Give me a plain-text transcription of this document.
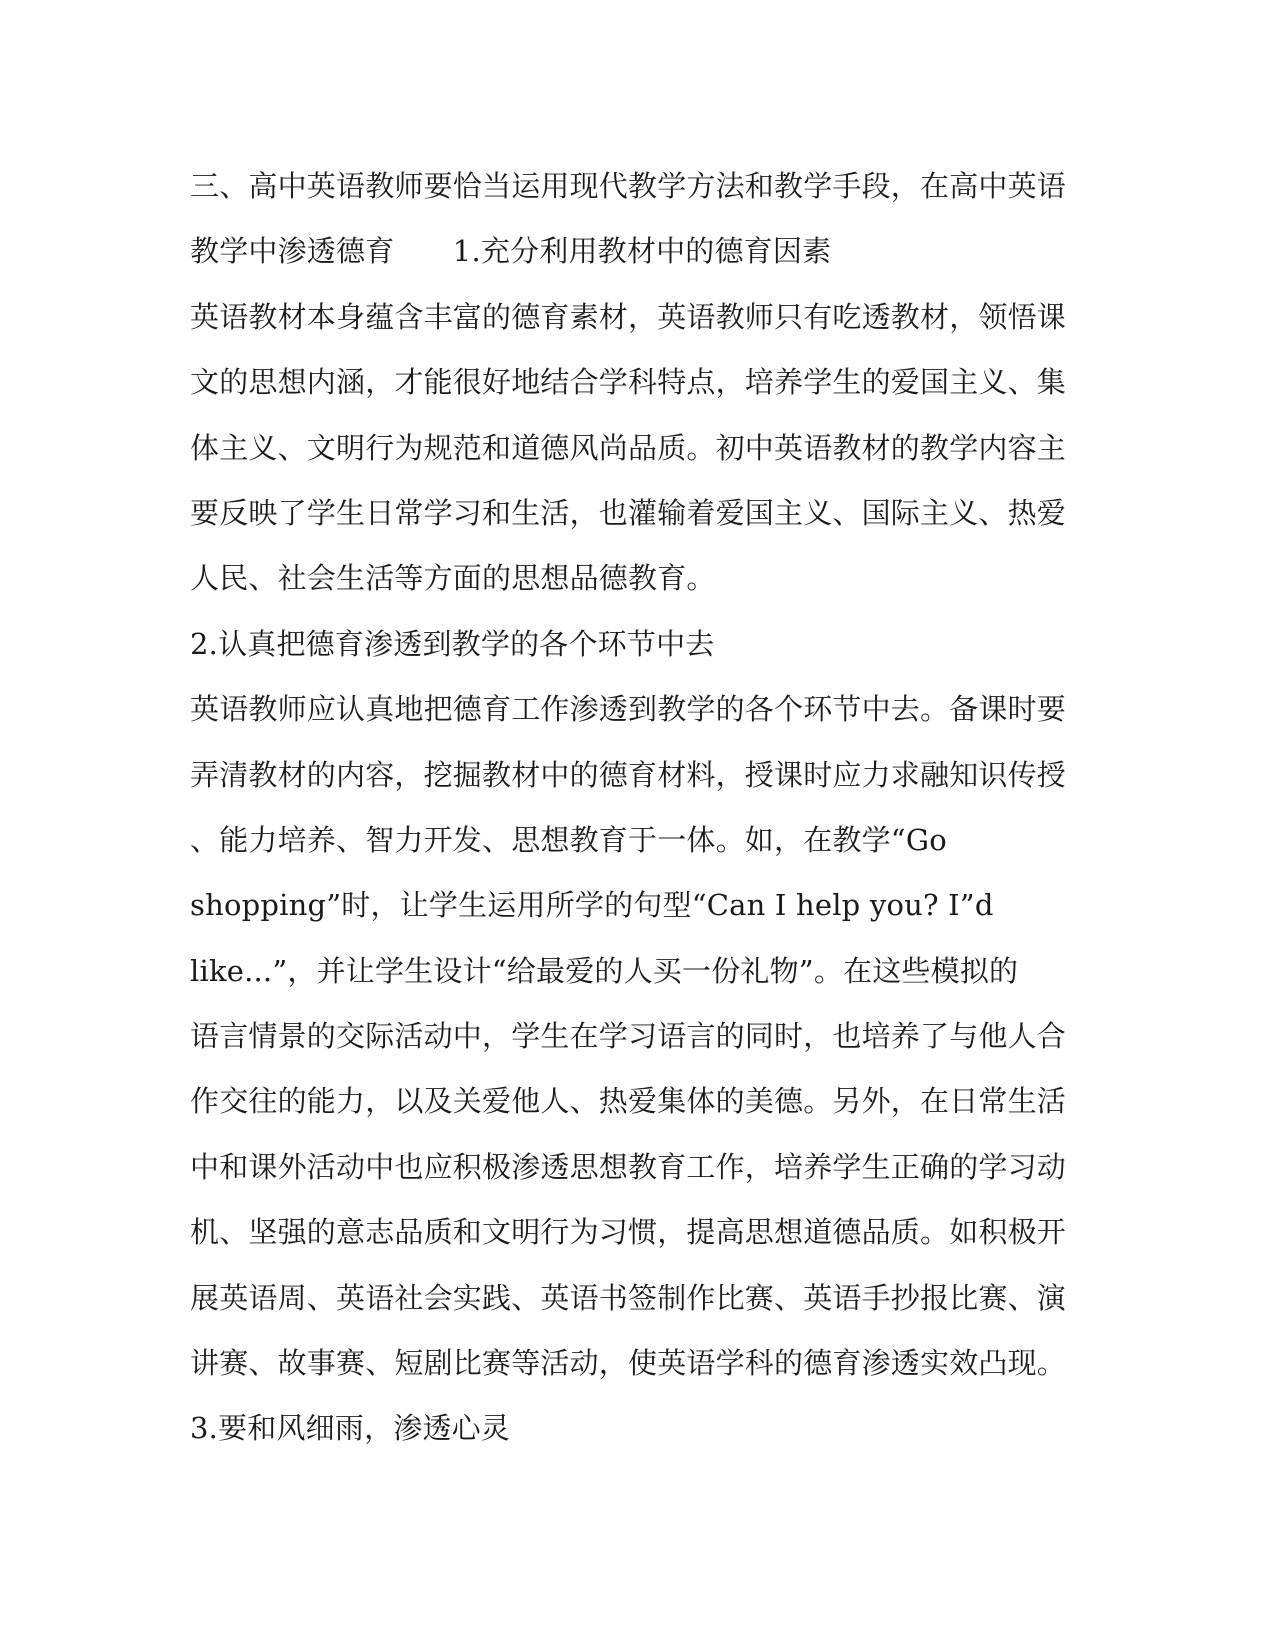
三、高中英语教师要恰当运用现代教学方法和教学手段，在高中英语
教学中渗透德育　　1.充分利用教材中的德育因素
英语教材本身蕴含丰富的德育素材，英语教师只有吃透教材，领悟课
文的思想内涵，才能很好地结合学科特点，培养学生的爱国主义、集
体主义、文明行为规范和道德风尚品质。初中英语教材的教学内容主
要反映了学生日常学习和生活，也灌输着爱国主义、国际主义、热爱
人民、社会生活等方面的思想品德教育。
2.认真把德育渗透到教学的各个环节中去
英语教师应认真地把德育工作渗透到教学的各个环节中去。备课时要
弄清教材的内容，挖掘教材中的德育材料，授课时应力求融知识传授
、能力培养、智力开发、思想教育于一体。如，在教学“Go
shopping”时，让学生运用所学的句型“Can I help you? I”d
like...”，并让学生设计“给最爱的人买一份礼物”。在这些模拟的
语言情景的交际活动中，学生在学习语言的同时，也培养了与他人合
作交往的能力，以及关爱他人、热爱集体的美德。另外，在日常生活
中和课外活动中也应积极渗透思想教育工作，培养学生正确的学习动
机、坚强的意志品质和文明行为习惯，提高思想道德品质。如积极开
展英语周、英语社会实践、英语书签制作比赛、英语手抄报比赛、演
讲赛、故事赛、短剧比赛等活动，使英语学科的德育渗透实效凸现。
3.要和风细雨，渗透心灵
